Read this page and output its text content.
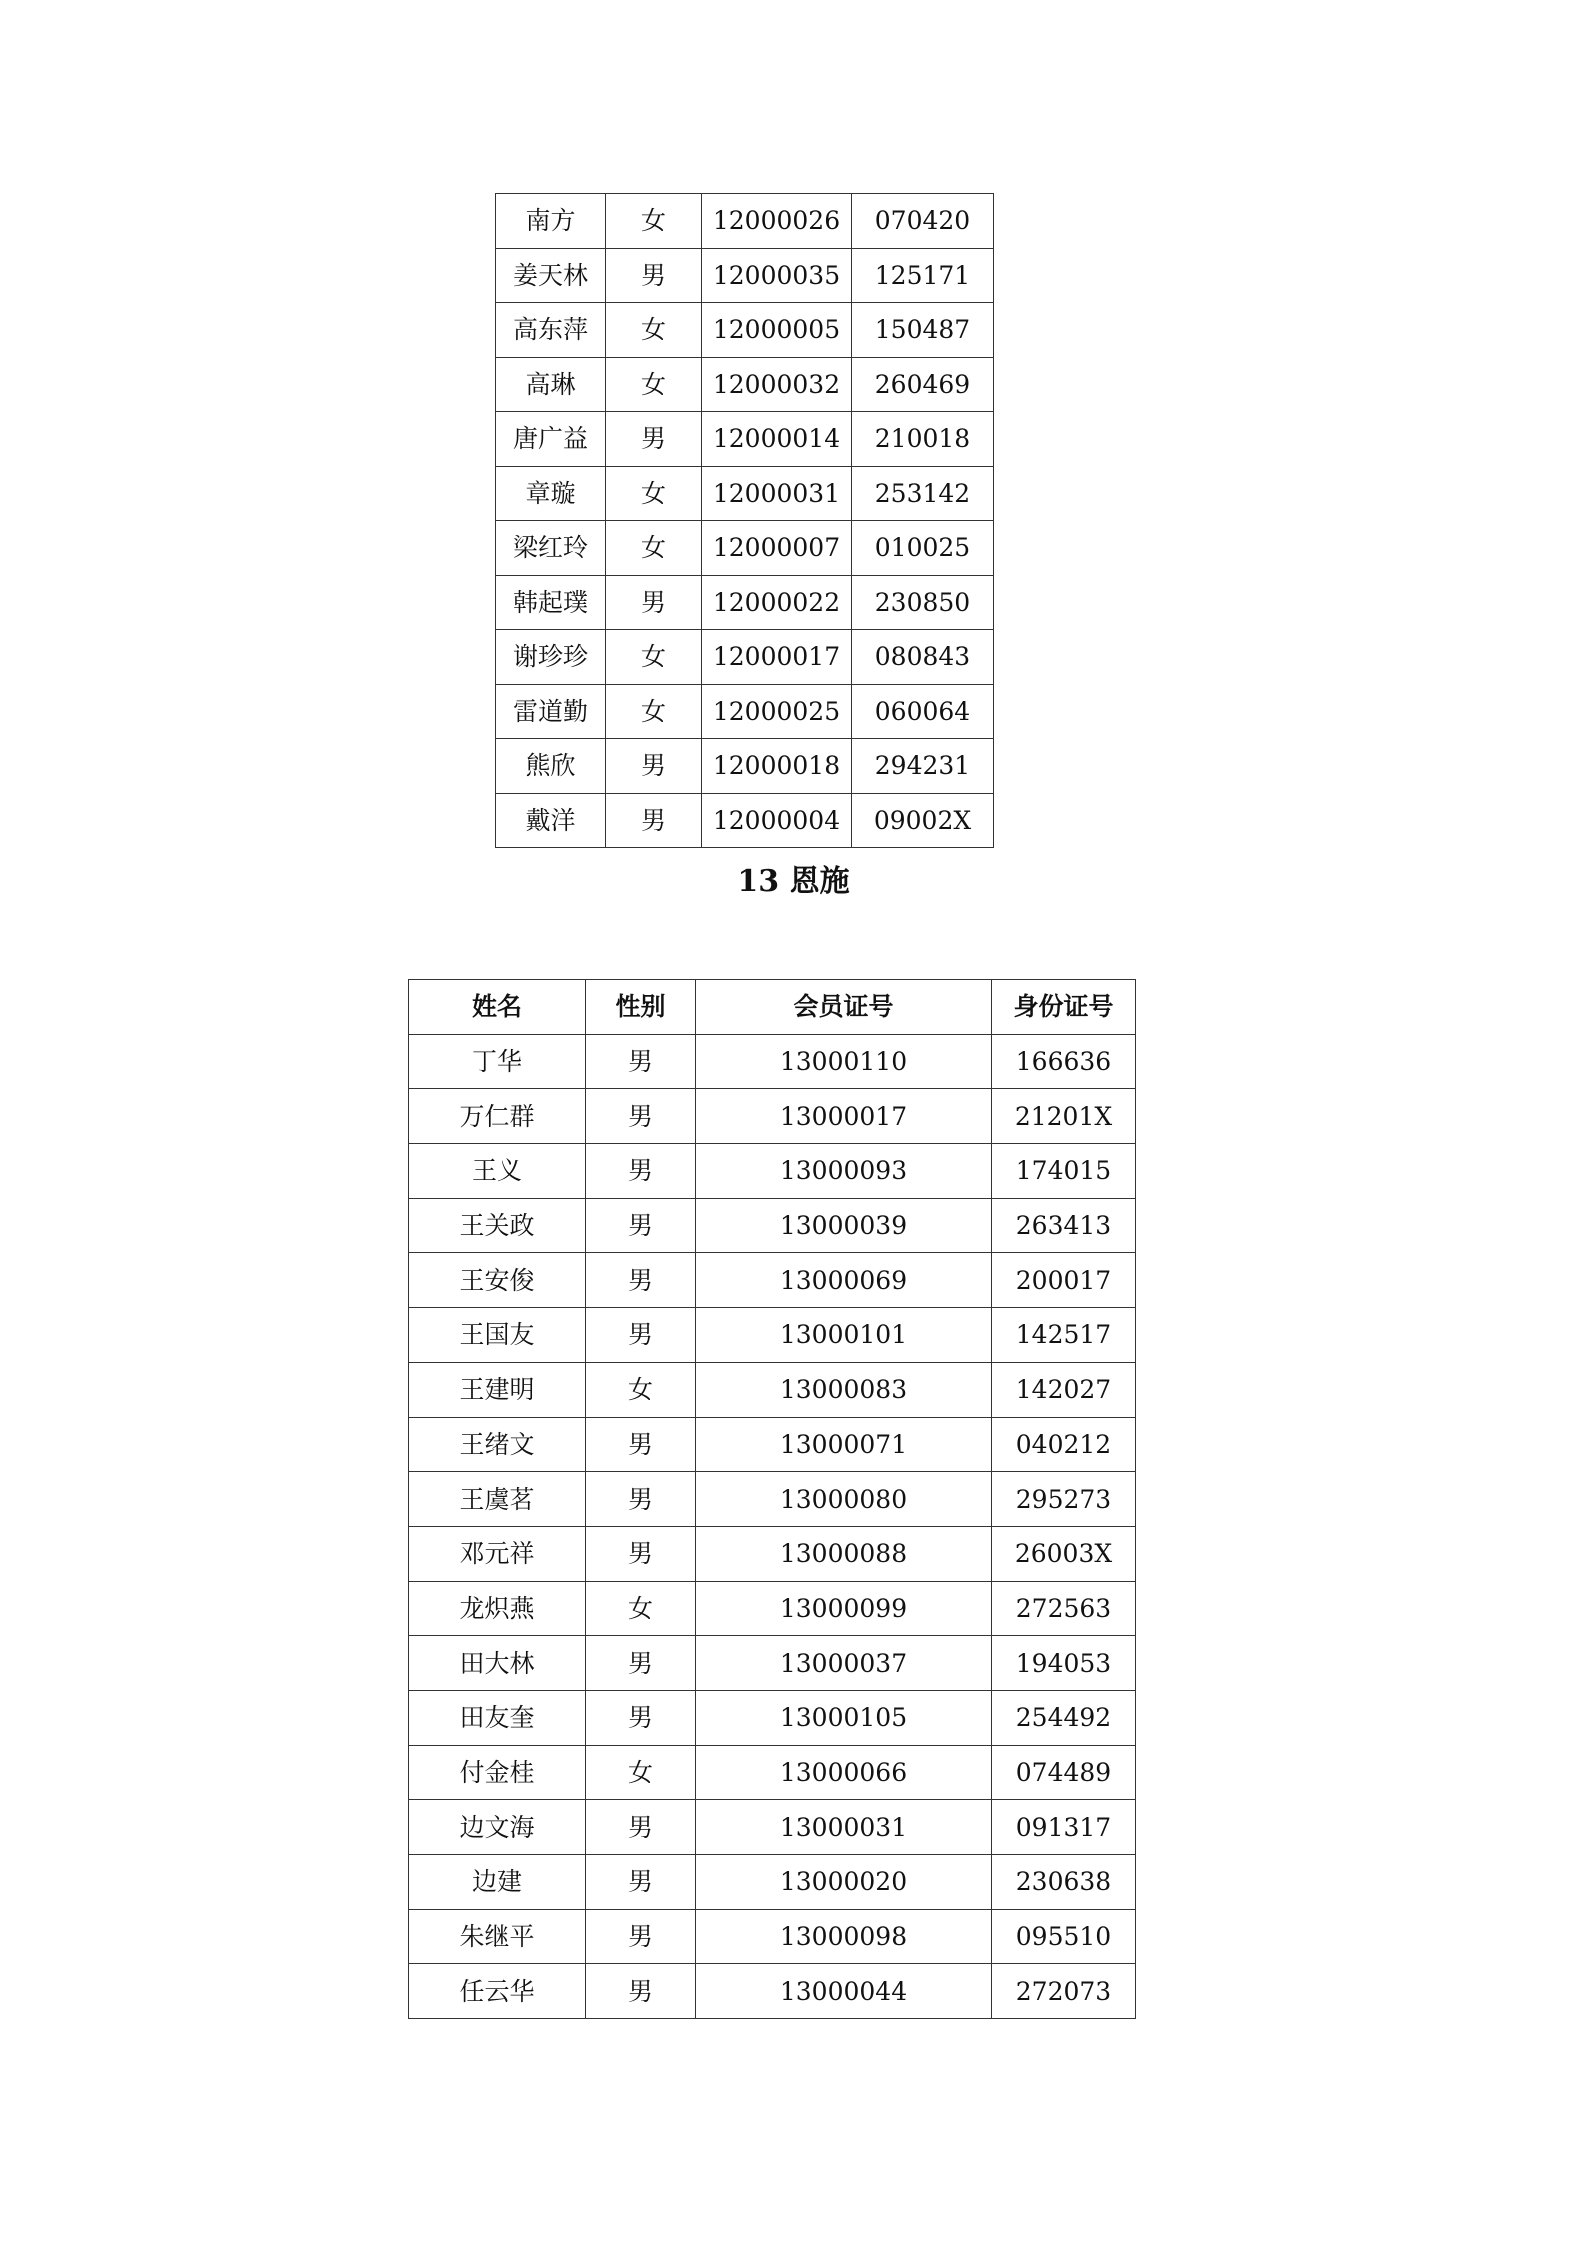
南方	女	12000026	070420
姜天林	男	12000035	125171
高东萍	女	12000005	150487
高琳	女	12000032	260469
唐广益	男	12000014	210018
章璇	女	12000031	253142
梁红玲	女	12000007	010025
韩起璞	男	12000022	230850
谢珍珍	女	12000017	080843
雷道勤	女	12000025	060064
熊欣	男	12000018	294231
戴洋	男	12000004	09002X
13 恩施
姓名	性别	会员证号	身份证号
丁华	男	13000110	166636
万仁群	男	13000017	21201X
王义	男	13000093	174015
王关政	男	13000039	263413
王安俊	男	13000069	200017
王国友	男	13000101	142517
王建明	女	13000083	142027
王绪文	男	13000071	040212
王虞茗	男	13000080	295273
邓元祥	男	13000088	26003X
龙炽燕	女	13000099	272563
田大林	男	13000037	194053
田友奎	男	13000105	254492
付金桂	女	13000066	074489
边文海	男	13000031	091317
边建	男	13000020	230638
朱继平	男	13000098	095510
任云华	男	13000044	272073
